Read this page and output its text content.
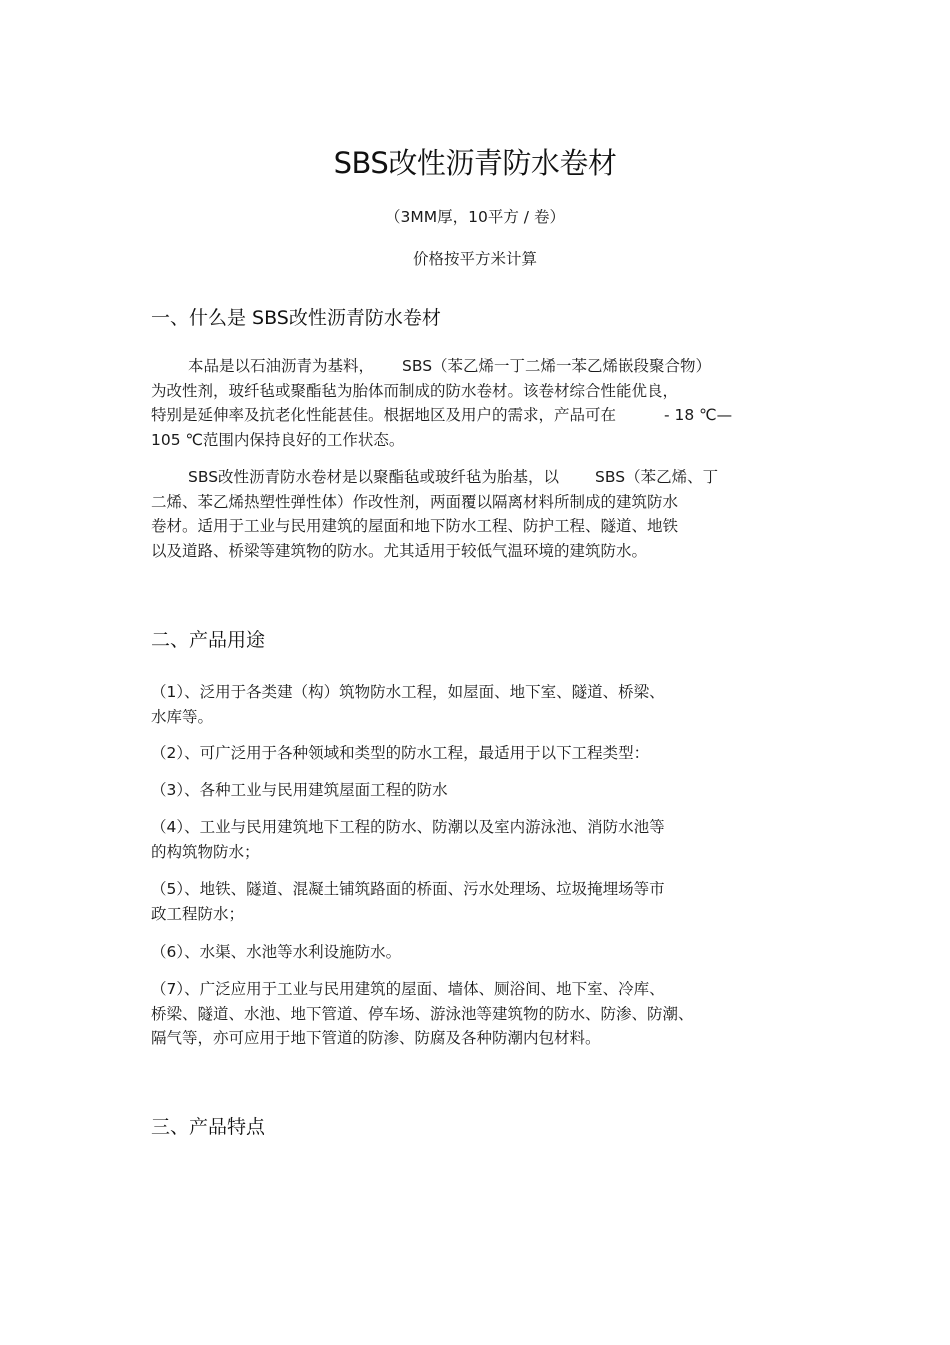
SBS改性沥青防水卷材
（3MM厚，10平方 / 卷）
价格按平方米计算
一、什么是 SBS改性沥青防水卷材
本品是以石油沥青为基料， SBS（苯乙烯一丁二烯一苯乙烯嵌段聚合物）
为改性剂，玻纤毡或聚酯毡为胎体而制成的防水卷材。该卷材综合性能优良，
特别是延伸率及抗老化性能甚佳。根据地区及用户的需求，产品可在	- 18 ℃—
105 ℃范围内保持良好的工作状态。
SBS改性沥青防水卷材是以聚酯毡或玻纤毡为胎基，以 SBS（苯乙烯、丁
二烯、苯乙烯热塑性弹性体）作改性剂，两面覆以隔离材料所制成的建筑防水
卷材。适用于工业与民用建筑的屋面和地下防水工程、防护工程、隧道、地铁
以及道路、桥梁等建筑物的防水。尤其适用于较低气温环境的建筑防水。
二、产品用途
（1）、泛用于各类建（构）筑物防水工程，如屋面、地下室、隧道、桥梁、
水库等。
（2）、可广泛用于各种领域和类型的防水工程，最适用于以下工程类型：
（3）、各种工业与民用建筑屋面工程的防水
（4）、工业与民用建筑地下工程的防水、防潮以及室内游泳池、消防水池等
的构筑物防水；
（5）、地铁、隧道、混凝土铺筑路面的桥面、污水处理场、垃圾掩埋场等市
政工程防水；
（6）、水渠、水池等水利设施防水。
（7）、广泛应用于工业与民用建筑的屋面、墙体、厕浴间、地下室、冷库、
桥梁、隧道、水池、地下管道、停车场、游泳池等建筑物的防水、防渗、防潮、
隔气等，亦可应用于地下管道的防渗、防腐及各种防潮内包材料。
三、产品特点
